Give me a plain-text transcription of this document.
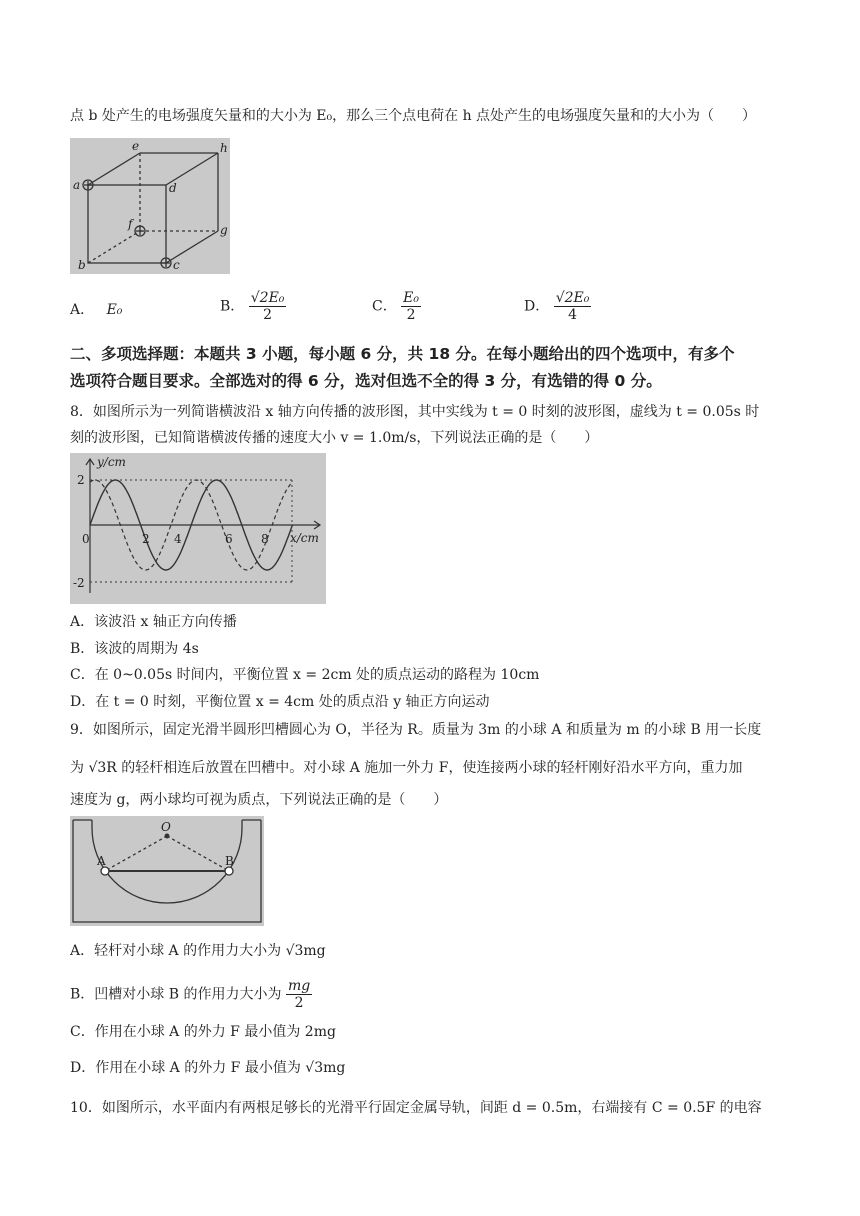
点 b 处产生的电场强度矢量和的大小为 E₀，那么三个点电荷在 h 点处产生的电场强度矢量和的大小为（　　）
e	h
a	d
f	g
b	c
A． E₀	B． $\frac{\text{√2E₀}}{2}$	C． $\frac{\text{E₀}}{2}$	D． $\frac{\text{√2E₀}}{4}$
二、多项选择题：本题共 3 小题，每小题 6 分，共 18 分。在每小题给出的四个选项中，有多个
选项符合题目要求。全部选对的得 6 分，选对但选不全的得 3 分，有选错的得 0 分。
8．如图所示为一列简谐横波沿 x 轴方向传播的波形图，其中实线为 t = 0 时刻的波形图，虚线为 t = 0.05s 时
刻的波形图，已知简谐横波传播的速度大小 v = 1.0m/s，下列说法正确的是（　　）
y/cm
x/cm
2
-2
0	2 4	6 8
A．该波沿 x 轴正方向传播
B．该波的周期为 4s
C．在 0~0.05s 时间内，平衡位置 x = 2cm 处的质点运动的路程为 10cm
D．在 t = 0 时刻，平衡位置 x = 4cm 处的质点沿 y 轴正方向运动
9．如图所示，固定光滑半圆形凹槽圆心为 O，半径为 R。质量为 3m 的小球 A 和质量为 m 的小球 B 用一长度
为 √3R 的轻杆相连后放置在凹槽中。对小球 A 施加一外力 F，使连接两小球的轻杆刚好沿水平方向，重力加
速度为 g，两小球均可视为质点，下列说法正确的是（　　）
O
A	B
A．轻杆对小球 A 的作用力大小为 √3mg
B．凹槽对小球 B 的作用力大小为 $\frac{mg}{2}$
C．作用在小球 A 的外力 F 最小值为 2mg
D．作用在小球 A 的外力 F 最小值为 √3mg
10．如图所示，水平面内有两根足够长的光滑平行固定金属导轨，间距 d = 0.5m，右端接有 C = 0.5F 的电容
